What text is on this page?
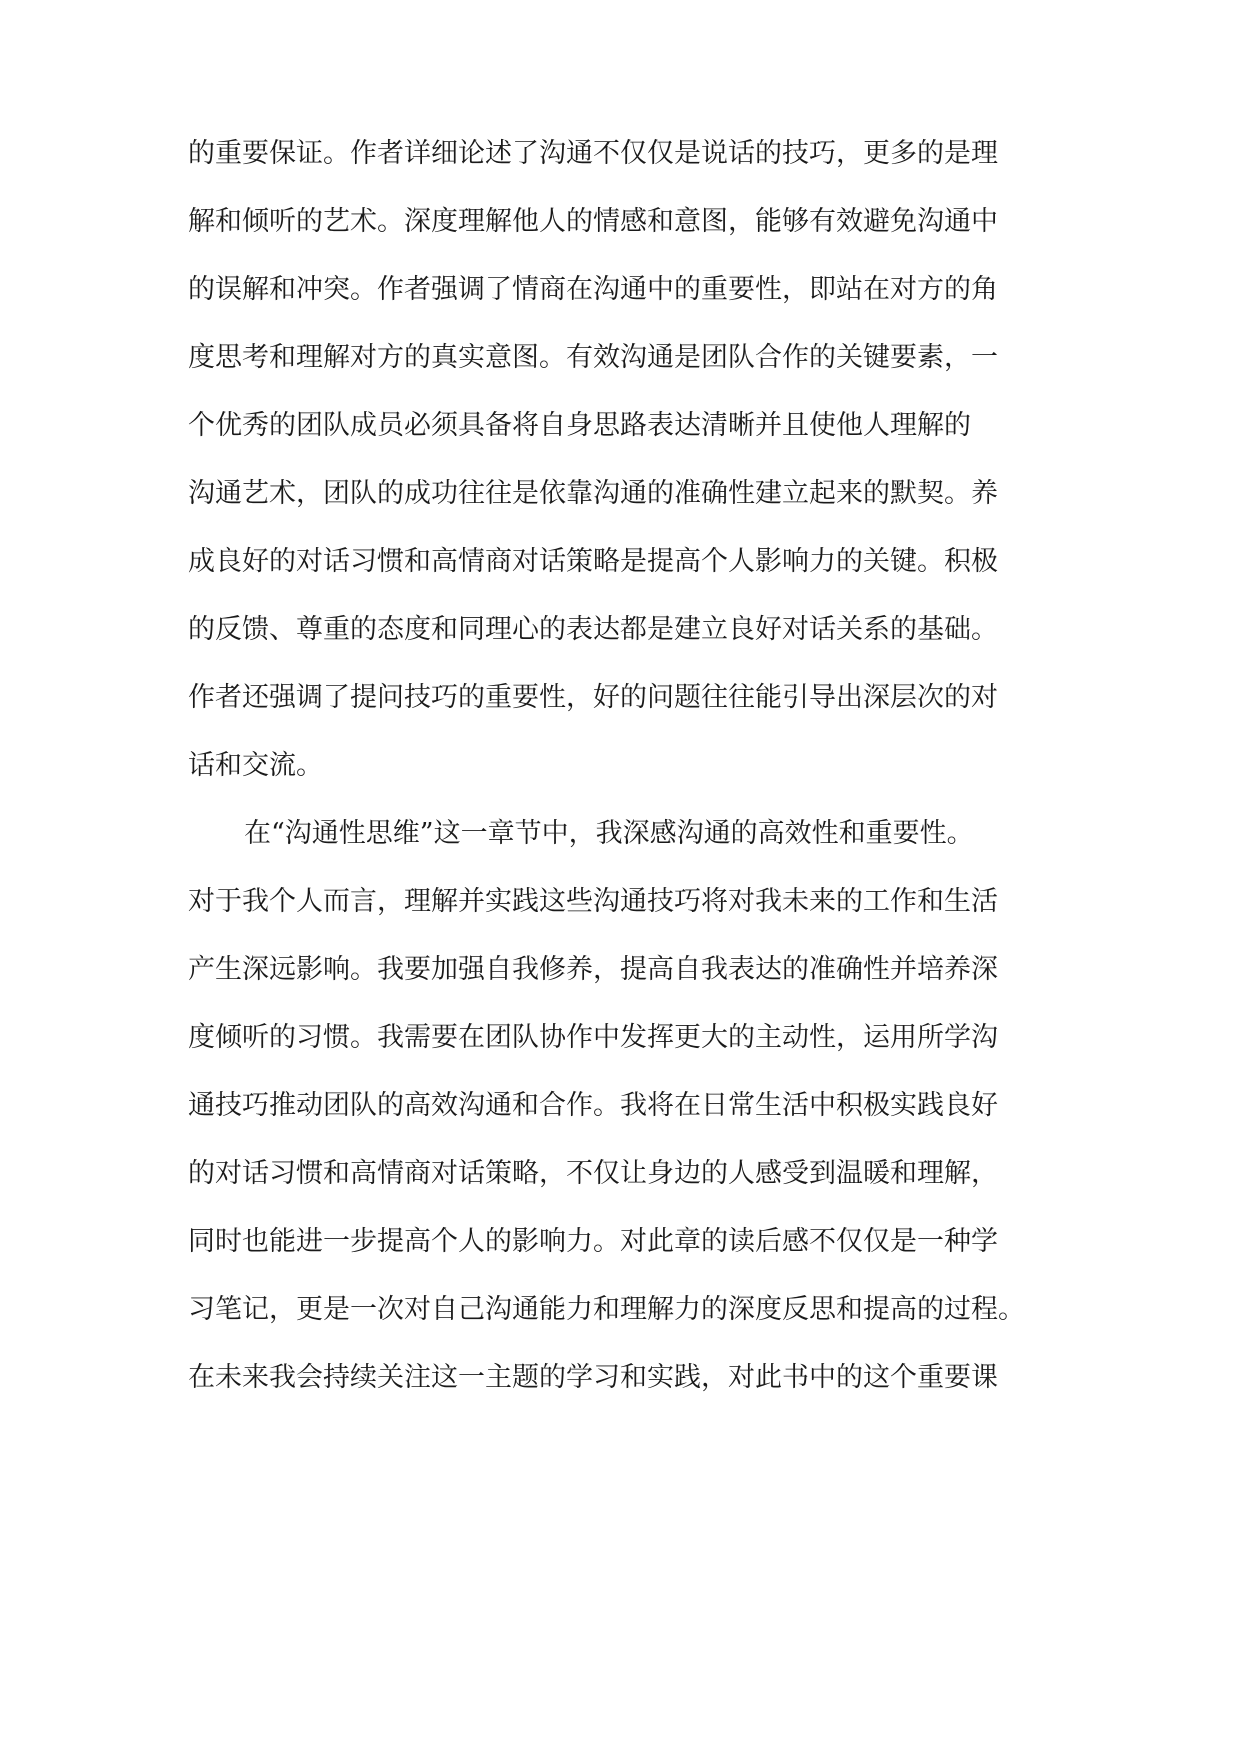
的重要保证。作者详细论述了沟通不仅仅是说话的技巧，更多的是理
解和倾听的艺术。深度理解他人的情感和意图，能够有效避免沟通中
的误解和冲突。作者强调了情商在沟通中的重要性，即站在对方的角
度思考和理解对方的真实意图。有效沟通是团队合作的关键要素，一
个优秀的团队成员必须具备将自身思路表达清晰并且使他人理解的
沟通艺术，团队的成功往往是依靠沟通的准确性建立起来的默契。养
成良好的对话习惯和高情商对话策略是提高个人影响力的关键。积极
的反馈、尊重的态度和同理心的表达都是建立良好对话关系的基础。
作者还强调了提问技巧的重要性，好的问题往往能引导出深层次的对
话和交流。
在“沟通性思维”这一章节中，我深感沟通的高效性和重要性。
对于我个人而言，理解并实践这些沟通技巧将对我未来的工作和生活
产生深远影响。我要加强自我修养，提高自我表达的准确性并培养深
度倾听的习惯。我需要在团队协作中发挥更大的主动性，运用所学沟
通技巧推动团队的高效沟通和合作。我将在日常生活中积极实践良好
的对话习惯和高情商对话策略，不仅让身边的人感受到温暖和理解，
同时也能进一步提高个人的影响力。对此章的读后感不仅仅是一种学
习笔记，更是一次对自己沟通能力和理解力的深度反思和提高的过程。
在未来我会持续关注这一主题的学习和实践，对此书中的这个重要课
